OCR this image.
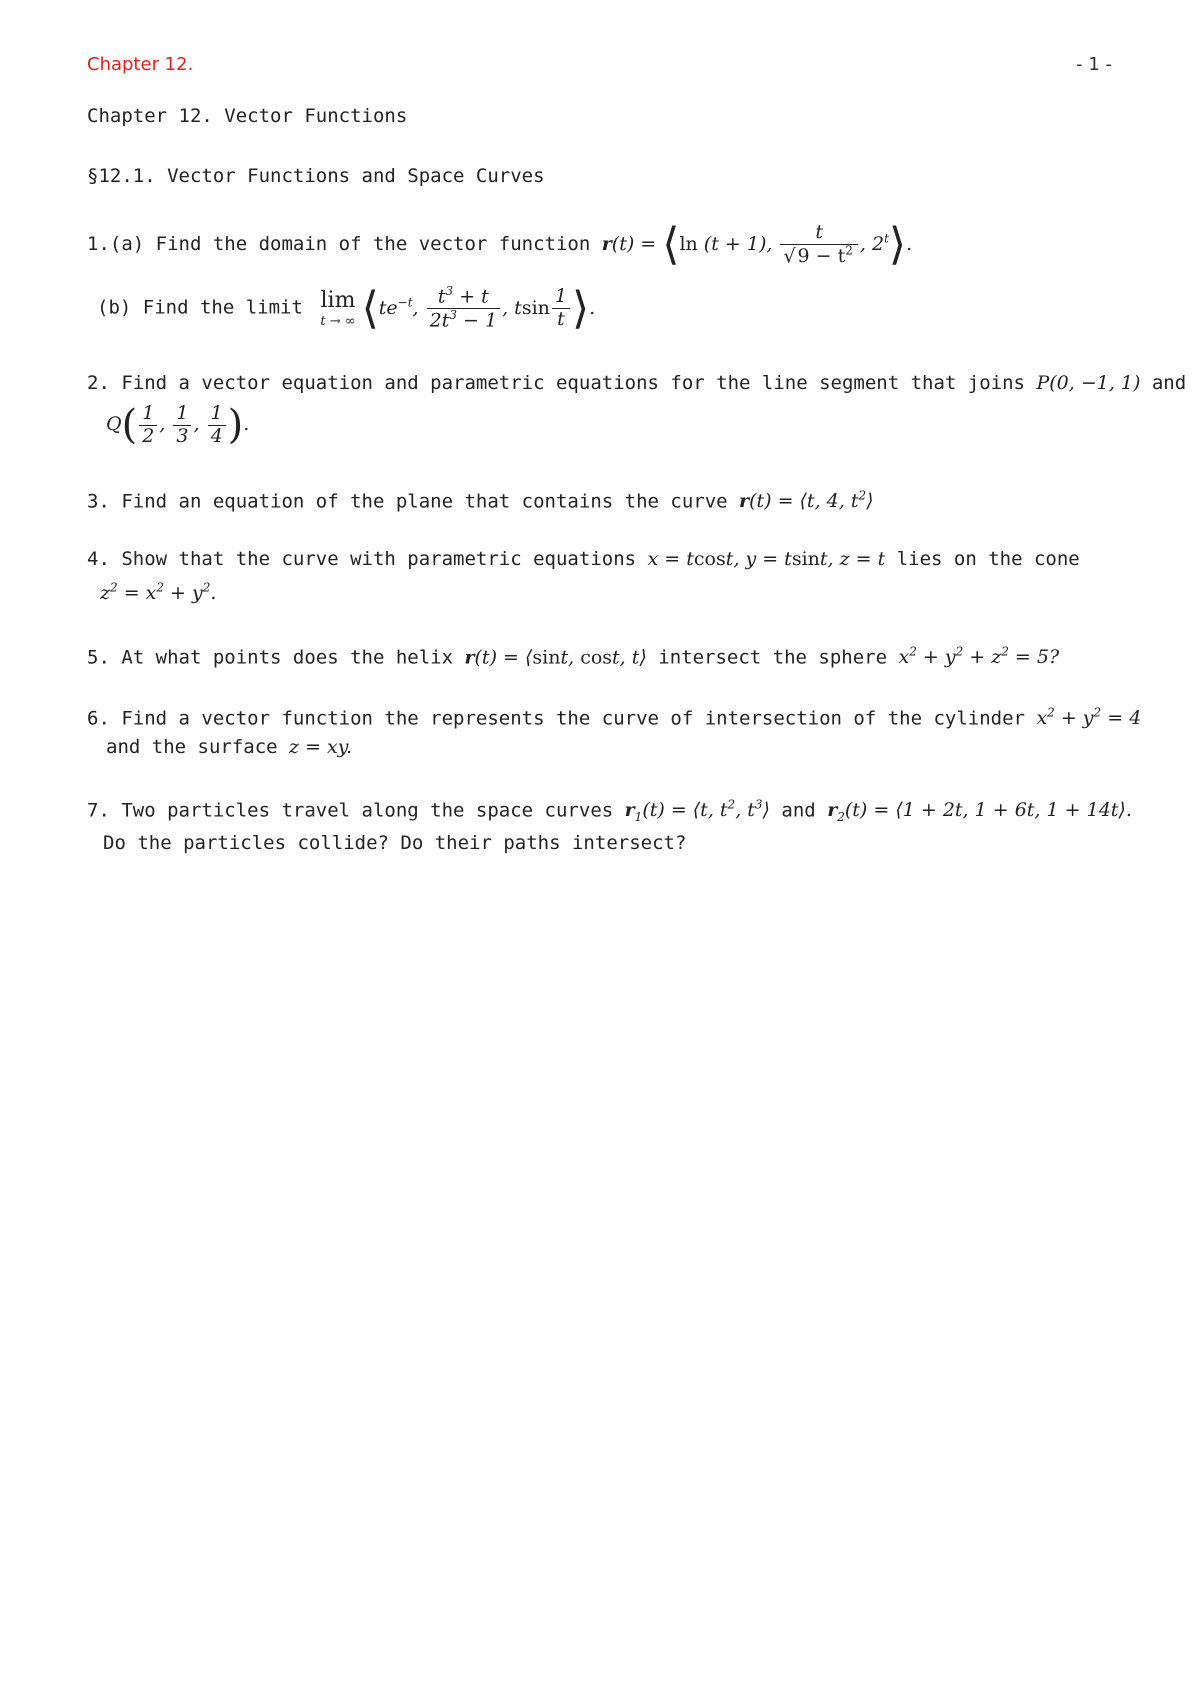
Chapter 12.	- 1 -
Chapter 12. Vector Functions
§12.1. Vector Functions and Space Curves
1.(a) Find the domain of the vector function r(t) = ⟨ln (t + 1), $\frac{t}{√ 9 - t^2}$ , 2$^t$⟩.
(b) Find the limit lim
t → ∞ $⟨te^{-t}$, $\frac{t^3 + t}{2t^3 - 1}$ , tsin $\frac{1}{t}$ ⟩.
2. Find a vector equation and parametric equations for the line segment that joins P(0, −1, 1) and
$Q( \frac{1}{2}$ , $\frac{1}{3}$ , $\frac{1}{4}$ ).
3. Find an equation of the plane that contains the curve r(t) = ⟨t, 4, $t^2⟩$
4. Show that the curve with parametric equations x = tcost, y = tsint, z = t lies on the cone
$z^2 = x^2 + y^2$.
5. At what points does the helix r(t) = ⟨sint, cost, t⟩ intersect the sphere $x^2 + y^2 + z^2 = 5$?
6. Find a vector function the represents the curve of intersection of the cylinder $x^2 + y^2 = 4$
and the surface z = xy.
7. Two particles travel along the space curves $r_1(t)$ = ⟨t, $t^2$, $t^3⟩$ and $r_2(t)$ = ⟨1 + 2t, 1 + 6t, 1 + 14t⟩.
Do the particles collide? Do their paths intersect?
